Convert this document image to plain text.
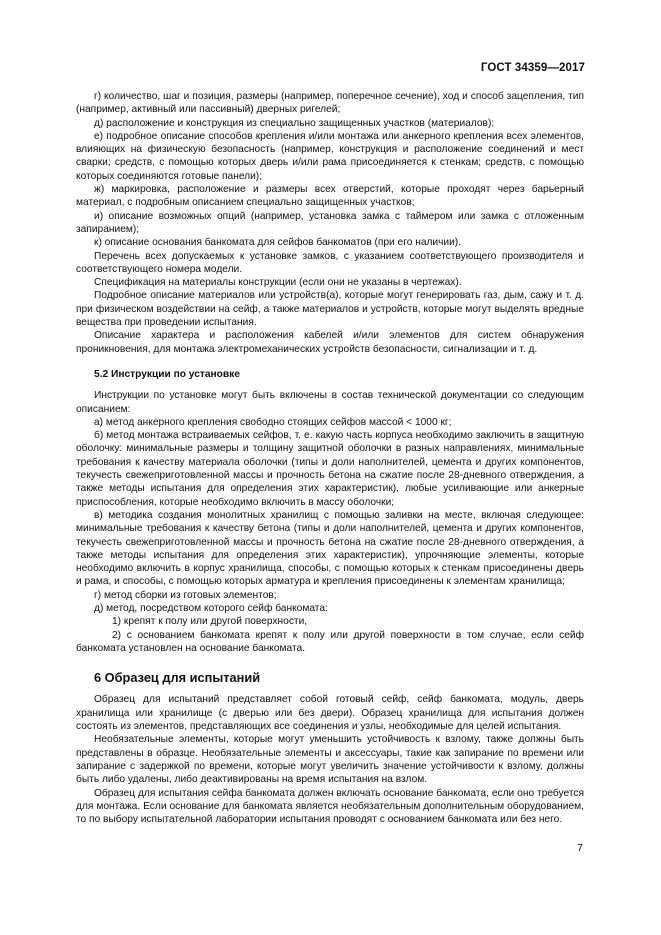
ГОСТ 34359—2017

г) количество, шаг и позиция, размеры (например, поперечное сечение), ход и способ зацепления, тип (например, активный или пассивный) дверных ригелей;

д) расположение и конструкция из специально защищенных участков (материалов);

е) подробное описание способов крепления и/или монтажа или анкерного крепления всех элементов, влияющих на физическую безопасность (например, конструкция и расположение соединений и мест сварки; средств, с помощью которых дверь и/или рама присоединяется к стенкам; средств, с помощью которых соединяются готовые панели);

ж) маркировка, расположение и размеры всех отверстий, которые проходят через барьерный материал, с подробным описанием специально защищенных участков;

и) описание возможных опций (например, установка замка с таймером или замка с отложенным запиранием);

к) описание основания банкомата для сейфов банкоматов (при его наличии).

Перечень всех допускаемых к установке замков, с указанием соответствующего производителя и соответствующего номера модели.

Спецификация на материалы конструкции (если они не указаны в чертежах).

Подробное описание материалов или устройств(а), которые могут генерировать газ, дым, сажу и т. д. при физическом воздействии на сейф, а также материалов и устройств, которые могут выделять вредные вещества при проведении испытания.

Описание характера и расположения кабелей и/или элементов для систем обнаружения проникновения, для монтажа электромеханических устройств безопасности, сигнализации и т. д.

5.2 Инструкции по установке

Инструкции по установке могут быть включены в состав технической документации со следующим описанием:

а) метод анкерного крепления свободно стоящих сейфов массой < 1000 кг;

б) метод монтажа встраиваемых сейфов, т. е. какую часть корпуса необходимо заключить в защитную оболочку: минимальные размеры и толщину защитной оболочки в разных направлениях, минимальные требования к качеству материала оболочки (типы и доли наполнителей, цемента и других компонентов, текучесть свежеприготовленной массы и прочность бетона на сжатие после 28-дневного отверждения, а также методы испытания для определения этих характеристик), любые усиливающие или анкерные приспособления, которые необходимо включить в массу оболочки;

в) методика создания монолитных хранилищ с помощью заливки на месте, включая следующее: минимальные требования к качеству бетона (типы и доли наполнителей, цемента и других компонентов, текучесть свежеприготовленной массы и прочность бетона на сжатие после 28-дневного отверждения, а также методы испытания для определения этих характеристик), упрочняющие элементы, которые необходимо включить в корпус хранилища, способы, с помощью которых к стенкам присоединены дверь и рама, и способы, с помощью которых арматура и крепления присоединены к элементам хранилища;

г) метод сборки из готовых элементов;

д) метод, посредством которого сейф банкомата:

1) крепят к полу или другой поверхности,

2) с основанием банкомата крепят к полу или другой поверхности в том случае, если сейф банкомата установлен на основание банкомата.

6 Образец для испытаний

Образец для испытаний представляет собой готовый сейф, сейф банкомата, модуль, дверь хранилища или хранилище (с дверью или без двери). Образец хранилища для испытания должен состоять из элементов, представляющих все соединения и узлы, необходимые для целей испытания.

Необязательные элементы, которые могут уменьшить устойчивость к взлому, также должны быть представлены в образце. Необязательные элементы и аксессуары, такие как запирание по времени или запирание с задержкой по времени, которые могут увеличить значение устойчивости к взлому, должны быть либо удалены, либо деактивированы на время испытания на взлом.

Образец для испытания сейфа банкомата должен включать основание банкомата, если оно требуется для монтажа. Если основание для банкомата является необязательным дополнительным оборудованием, то по выбору испытательной лаборатории испытания проводят с основанием банкомата или без него.

7
